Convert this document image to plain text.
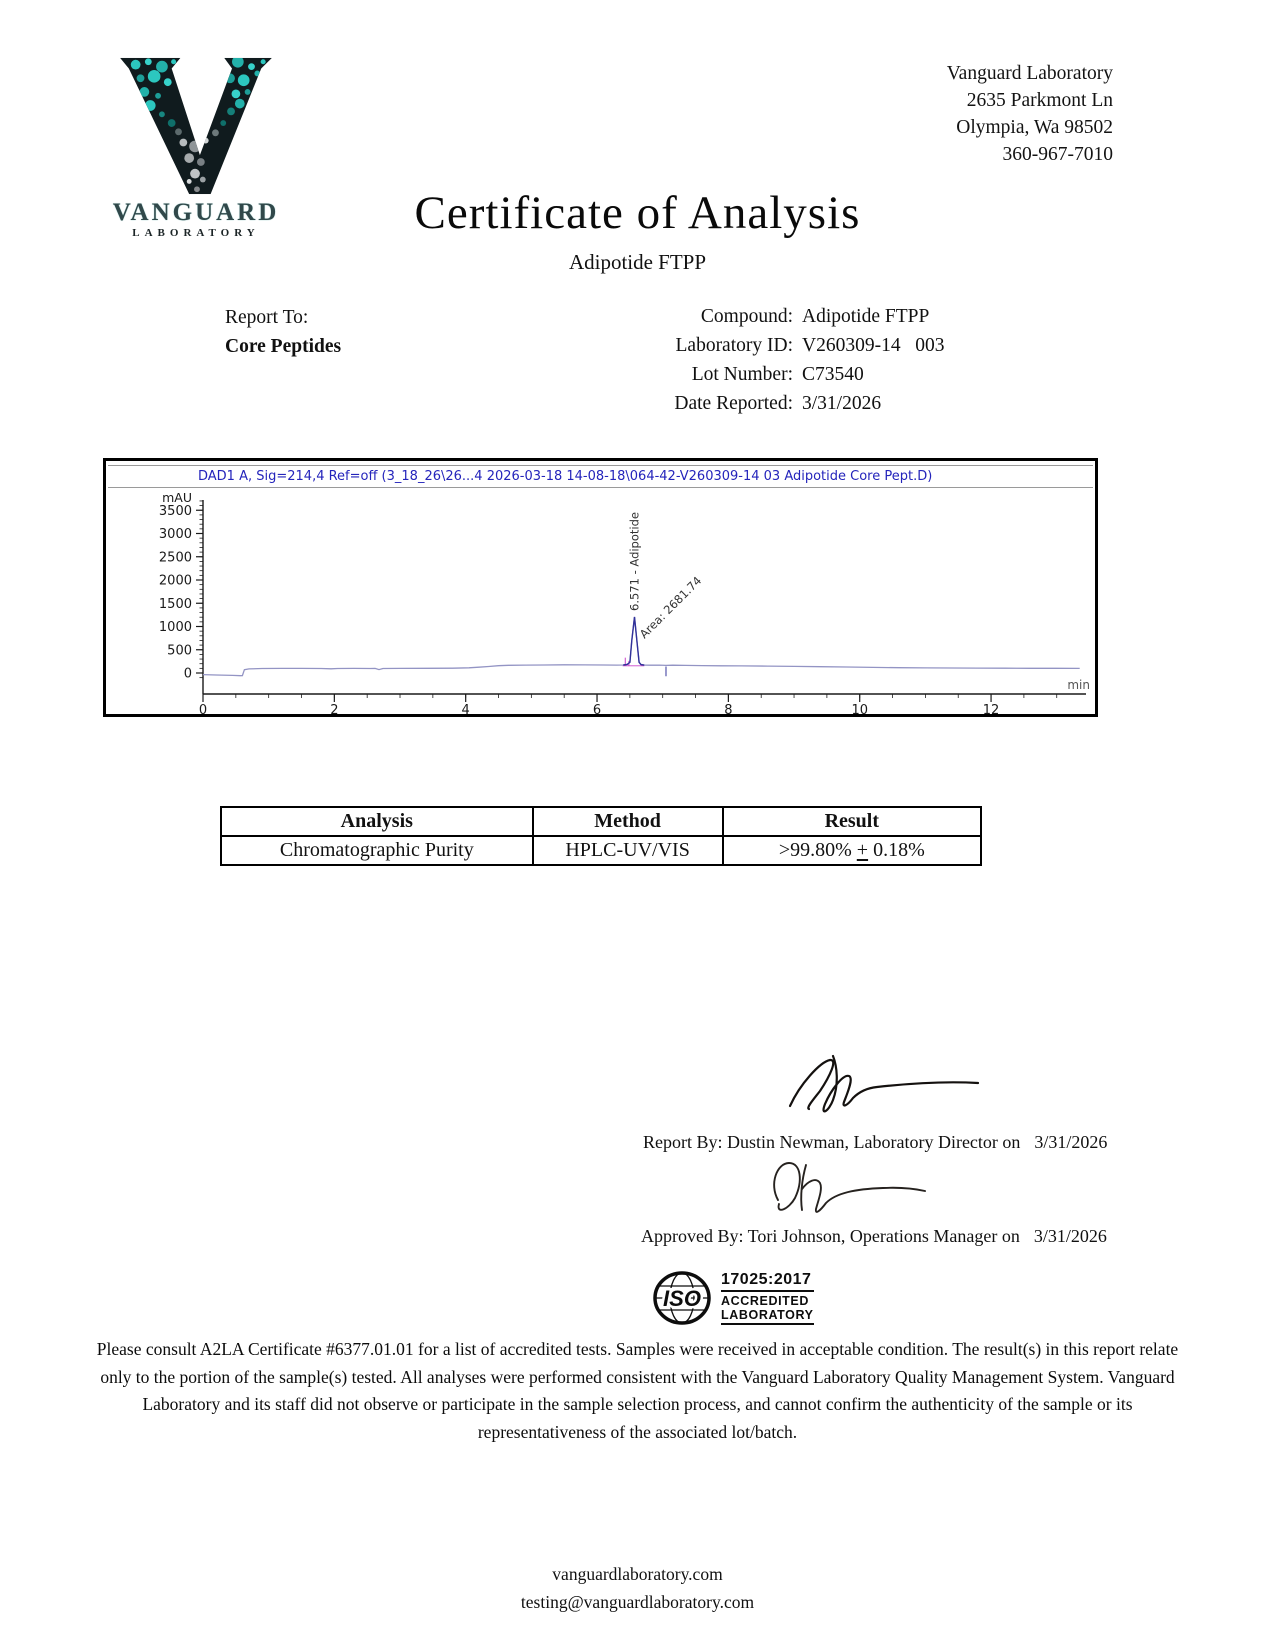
VANGUARD
LABORATORY
Vanguard Laboratory
2635 Parkmont Ln
Olympia, Wa 98502
360-967-7010
Certificate of Analysis
Adipotide FTPP
Report To:
Core Peptides
Compound: Adipotide FTPP
Laboratory ID: V260309-14   003
Lot Number: C73540
Date Reported: 3/31/2026
DAD1 A, Sig=214,4 Ref=off (3_18_26\26...4 2026-03-18 14-08-18\064-42-V260309-14 03 Adipotide Core Pept.D)
0
500
1000
1500
2000
2500
3000
3500
mAU
0	2	4	6	8	10	12
min
6.571 - Adipotide
Area: 2681.74
Analysis	Method	Result
Chromatographic Purity	HPLC-UV/VIS	>99.80% + 0.18%
Report By: Dustin Newman, Laboratory Director on 3/31/2026
Approved By: Tori Johnson, Operations Manager on 3/31/2026
ISO
17025:2017
ACCREDITED
LABORATORY
Please consult A2LA Certificate #6377.01.01 for a list of accredited tests. Samples were received in acceptable condition. The result(s) in this report relate only to the portion of the sample(s) tested. All analyses were performed consistent with the Vanguard Laboratory Quality Management System. Vanguard Laboratory and its staff did not observe or participate in the sample selection process, and cannot confirm the authenticity of the sample or its representativeness of the associated lot/batch.
vanguardlaboratory.com
testing@vanguardlaboratory.com
